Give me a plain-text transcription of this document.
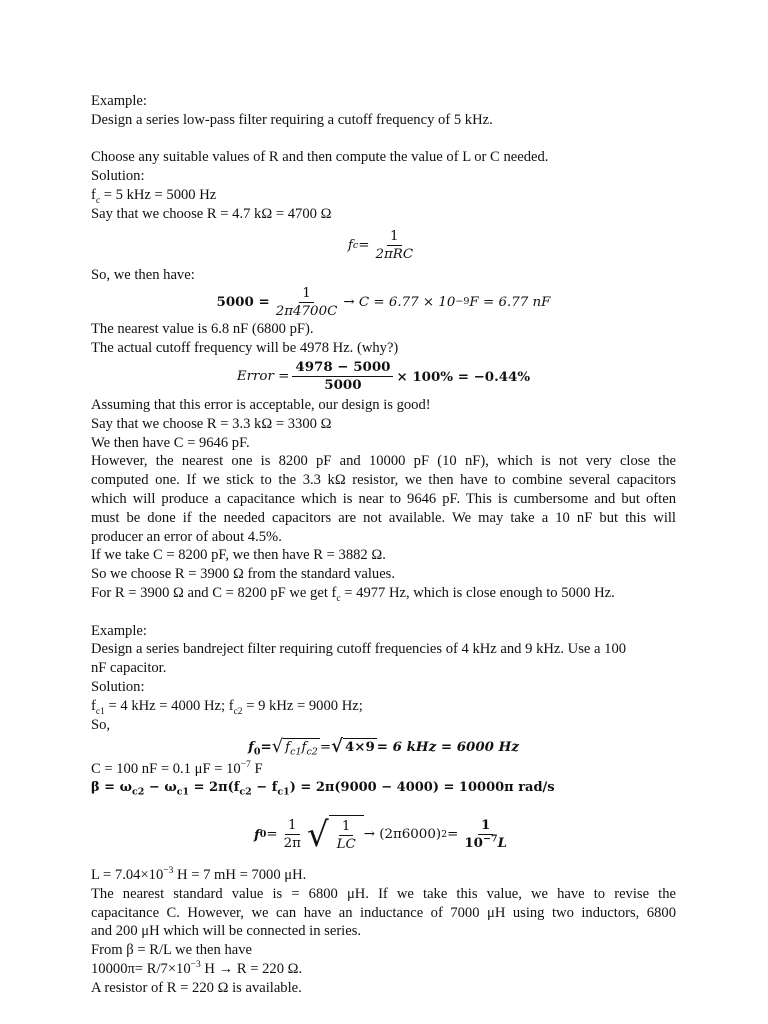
Example:
Design a series low-pass filter requiring a cutoff frequency of 5 kHz.
Choose any suitable values of R and then compute the value of L or C needed.
Solution:
$f_c = 5$ kHz = 5000 Hz
Say that we choose R = 4.7 kΩ = 4700 Ω
f $c = \frac{1}{\text{2πRC}}$
So, we then have:
$5000 = \frac{1}{2\pi 4700C} \to C = 6.77 \times 10 -9$ F = 6.77 nF
The nearest value is 6.8 nF (6800 pF).
The actual cutoff frequency will be 4978 Hz. (why?)
Error = $\frac{4978 - 5000}{5000} \times 100\% = -0.44\%$
Assuming that this error is acceptable, our design is good!
Say that we choose R = 3.3 kΩ = 3300 Ω
We then have C = 9646 pF.
However, the nearest one is 8200 pF and 10000 pF (10 nF), which is not very close the
computed one. If we stick to the 3.3 kΩ resistor, we then have to combine several capacitors
which will produce a capacitance which is near to 9646 pF. This is cumbersome and but often
must be done if the needed capacitors are not available. We may take a 10 nF but this will
producer an error of about 4.5%.
If we take C = 8200 pF, we then have R = 3882 Ω.
So we choose R = 3900 Ω from the standard values.
For R = 3900 Ω and C = 8200 pF we get $f_c = 4977$ Hz, which is close enough to 5000 Hz.
Example:
Design a series bandreject filter requiring cutoff frequencies of 4 kHz and 9 kHz. Use a 100
nF capacitor.
Solution:
$f_{c1} = 4$ kHz = 4000 Hz; $f_{c2} = 9$ kHz = 9000 Hz;
So,
$f_0$ = √ $f_{c1}f_{c2}$ = √ 4×9 = 6 kHz = 6000 Hz
C = 100 nF = 0.1 $\mu F = 10^{-7}$ F
$\beta = \omega_{c2} - \omega_{c1} = 2\pi(f_{c2} - f_{c1}) = 2\pi(9000 - 4000) = 10000\pi$ rad/s
f $0 = \frac{1}{2\pi}$ √ $\frac{1}{LC} \to (2\pi 6000) 2 = \frac{1}{10^{-7}L}$
$L = 7.04\times 10^{-3}$ H = 7 mH = 7000 μH.
The nearest standard value is = 6800 μH. If we take this value, we have to revise the
capacitance C. However, we can have an inductance of 7000 μH using two inductors, 6800
and 200 μH which will be connected in series.
From β = R/L we then have
$10000\pi= R/7\times 10^{-3}$ H → R = 220 Ω.
A resistor of R = 220 Ω is available.
